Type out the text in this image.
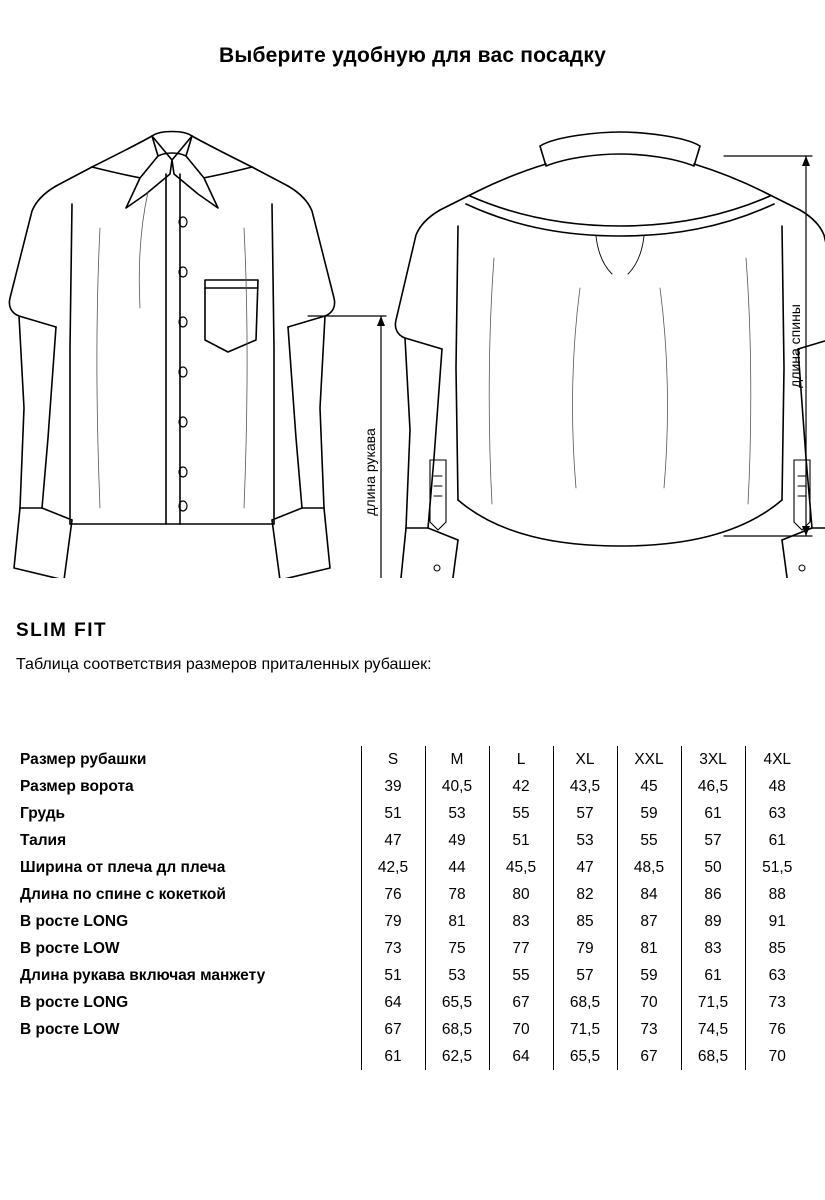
Выберите удобную для вас посадку
длина рукава
длина спины
SLIM FIT
Таблица соответствия размеров приталенных рубашек:
Размер рубашки	S	M	L	XL	XXL	3XL	4XL
Размер ворота	39	40,5	42	43,5	45	46,5	48
Грудь	51	53	55	57	59	61	63
Талия	47	49	51	53	55	57	61
Ширина от плеча дл плеча	42,5	44	45,5	47	48,5	50	51,5
Длина по спине с кокеткой	76	78	80	82	84	86	88
В росте LONG	79	81	83	85	87	89	91
В росте LOW	73	75	77	79	81	83	85
Длина рукава включая манжету	51	53	55	57	59	61	63
В росте LONG	64	65,5	67	68,5	70	71,5	73
В росте LOW	67	68,5	70	71,5	73	74,5	76
	61	62,5	64	65,5	67	68,5	70
